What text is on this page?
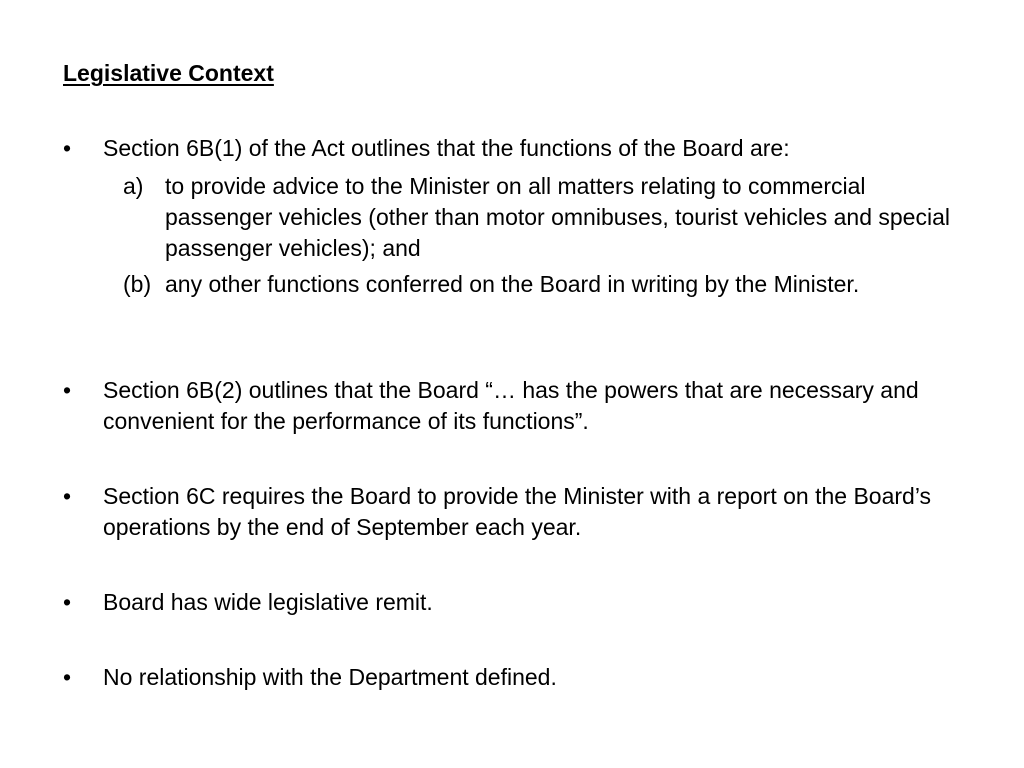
Legislative Context
• Section 6B(1) of the Act outlines that the functions of the Board are:
a) to provide advice to the Minister on all matters relating to commercial passenger vehicles (other than motor omnibuses, tourist vehicles and special passenger vehicles); and
(b) any other functions conferred on the Board in writing by the Minister.
• Section 6B(2) outlines that the Board “… has the powers that are necessary and convenient for the performance of its functions”.
• Section 6C requires the Board to provide the Minister with a report on the Board’s operations by the end of September each year.
• Board has wide legislative remit.
• No relationship with the Department defined.
